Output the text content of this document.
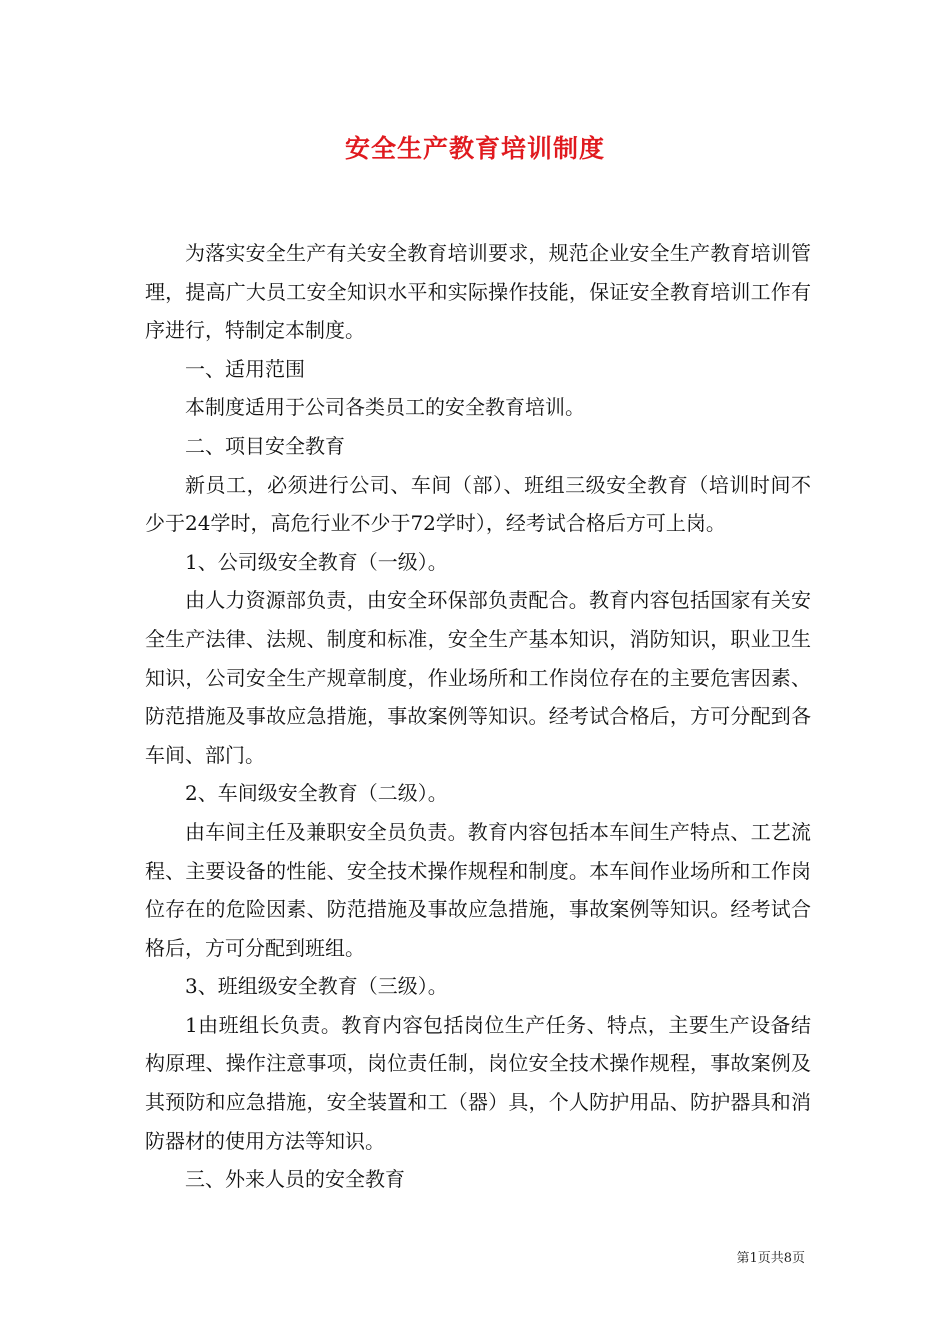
安全生产教育培训制度

为落实安全生产有关安全教育培训要求，规范企业安全生产教育培训管理，提高广大员工安全知识水平和实际操作技能，保证安全教育培训工作有序进行，特制定本制度。

一、适用范围

本制度适用于公司各类员工的安全教育培训。

二、项目安全教育

新员工，必须进行公司、车间（部）、班组三级安全教育（培训时间不少于24学时，高危行业不少于72学时），经考试合格后方可上岗。

1、公司级安全教育（一级）。

由人力资源部负责，由安全环保部负责配合。教育内容包括国家有关安全生产法律、法规、制度和标准，安全生产基本知识，消防知识，职业卫生知识，公司安全生产规章制度，作业场所和工作岗位存在的主要危害因素、防范措施及事故应急措施，事故案例等知识。经考试合格后，方可分配到各车间、部门。

2、车间级安全教育（二级）。

由车间主任及兼职安全员负责。教育内容包括本车间生产特点、工艺流程、主要设备的性能、安全技术操作规程和制度。本车间作业场所和工作岗位存在的危险因素、防范措施及事故应急措施，事故案例等知识。经考试合格后，方可分配到班组。

3、班组级安全教育（三级）。

1由班组长负责。教育内容包括岗位生产任务、特点，主要生产设备结构原理、操作注意事项，岗位责任制，岗位安全技术操作规程，事故案例及其预防和应急措施，安全装置和工（器）具，个人防护用品、防护器具和消防器材的使用方法等知识。

三、外来人员的安全教育

第1页共8页
